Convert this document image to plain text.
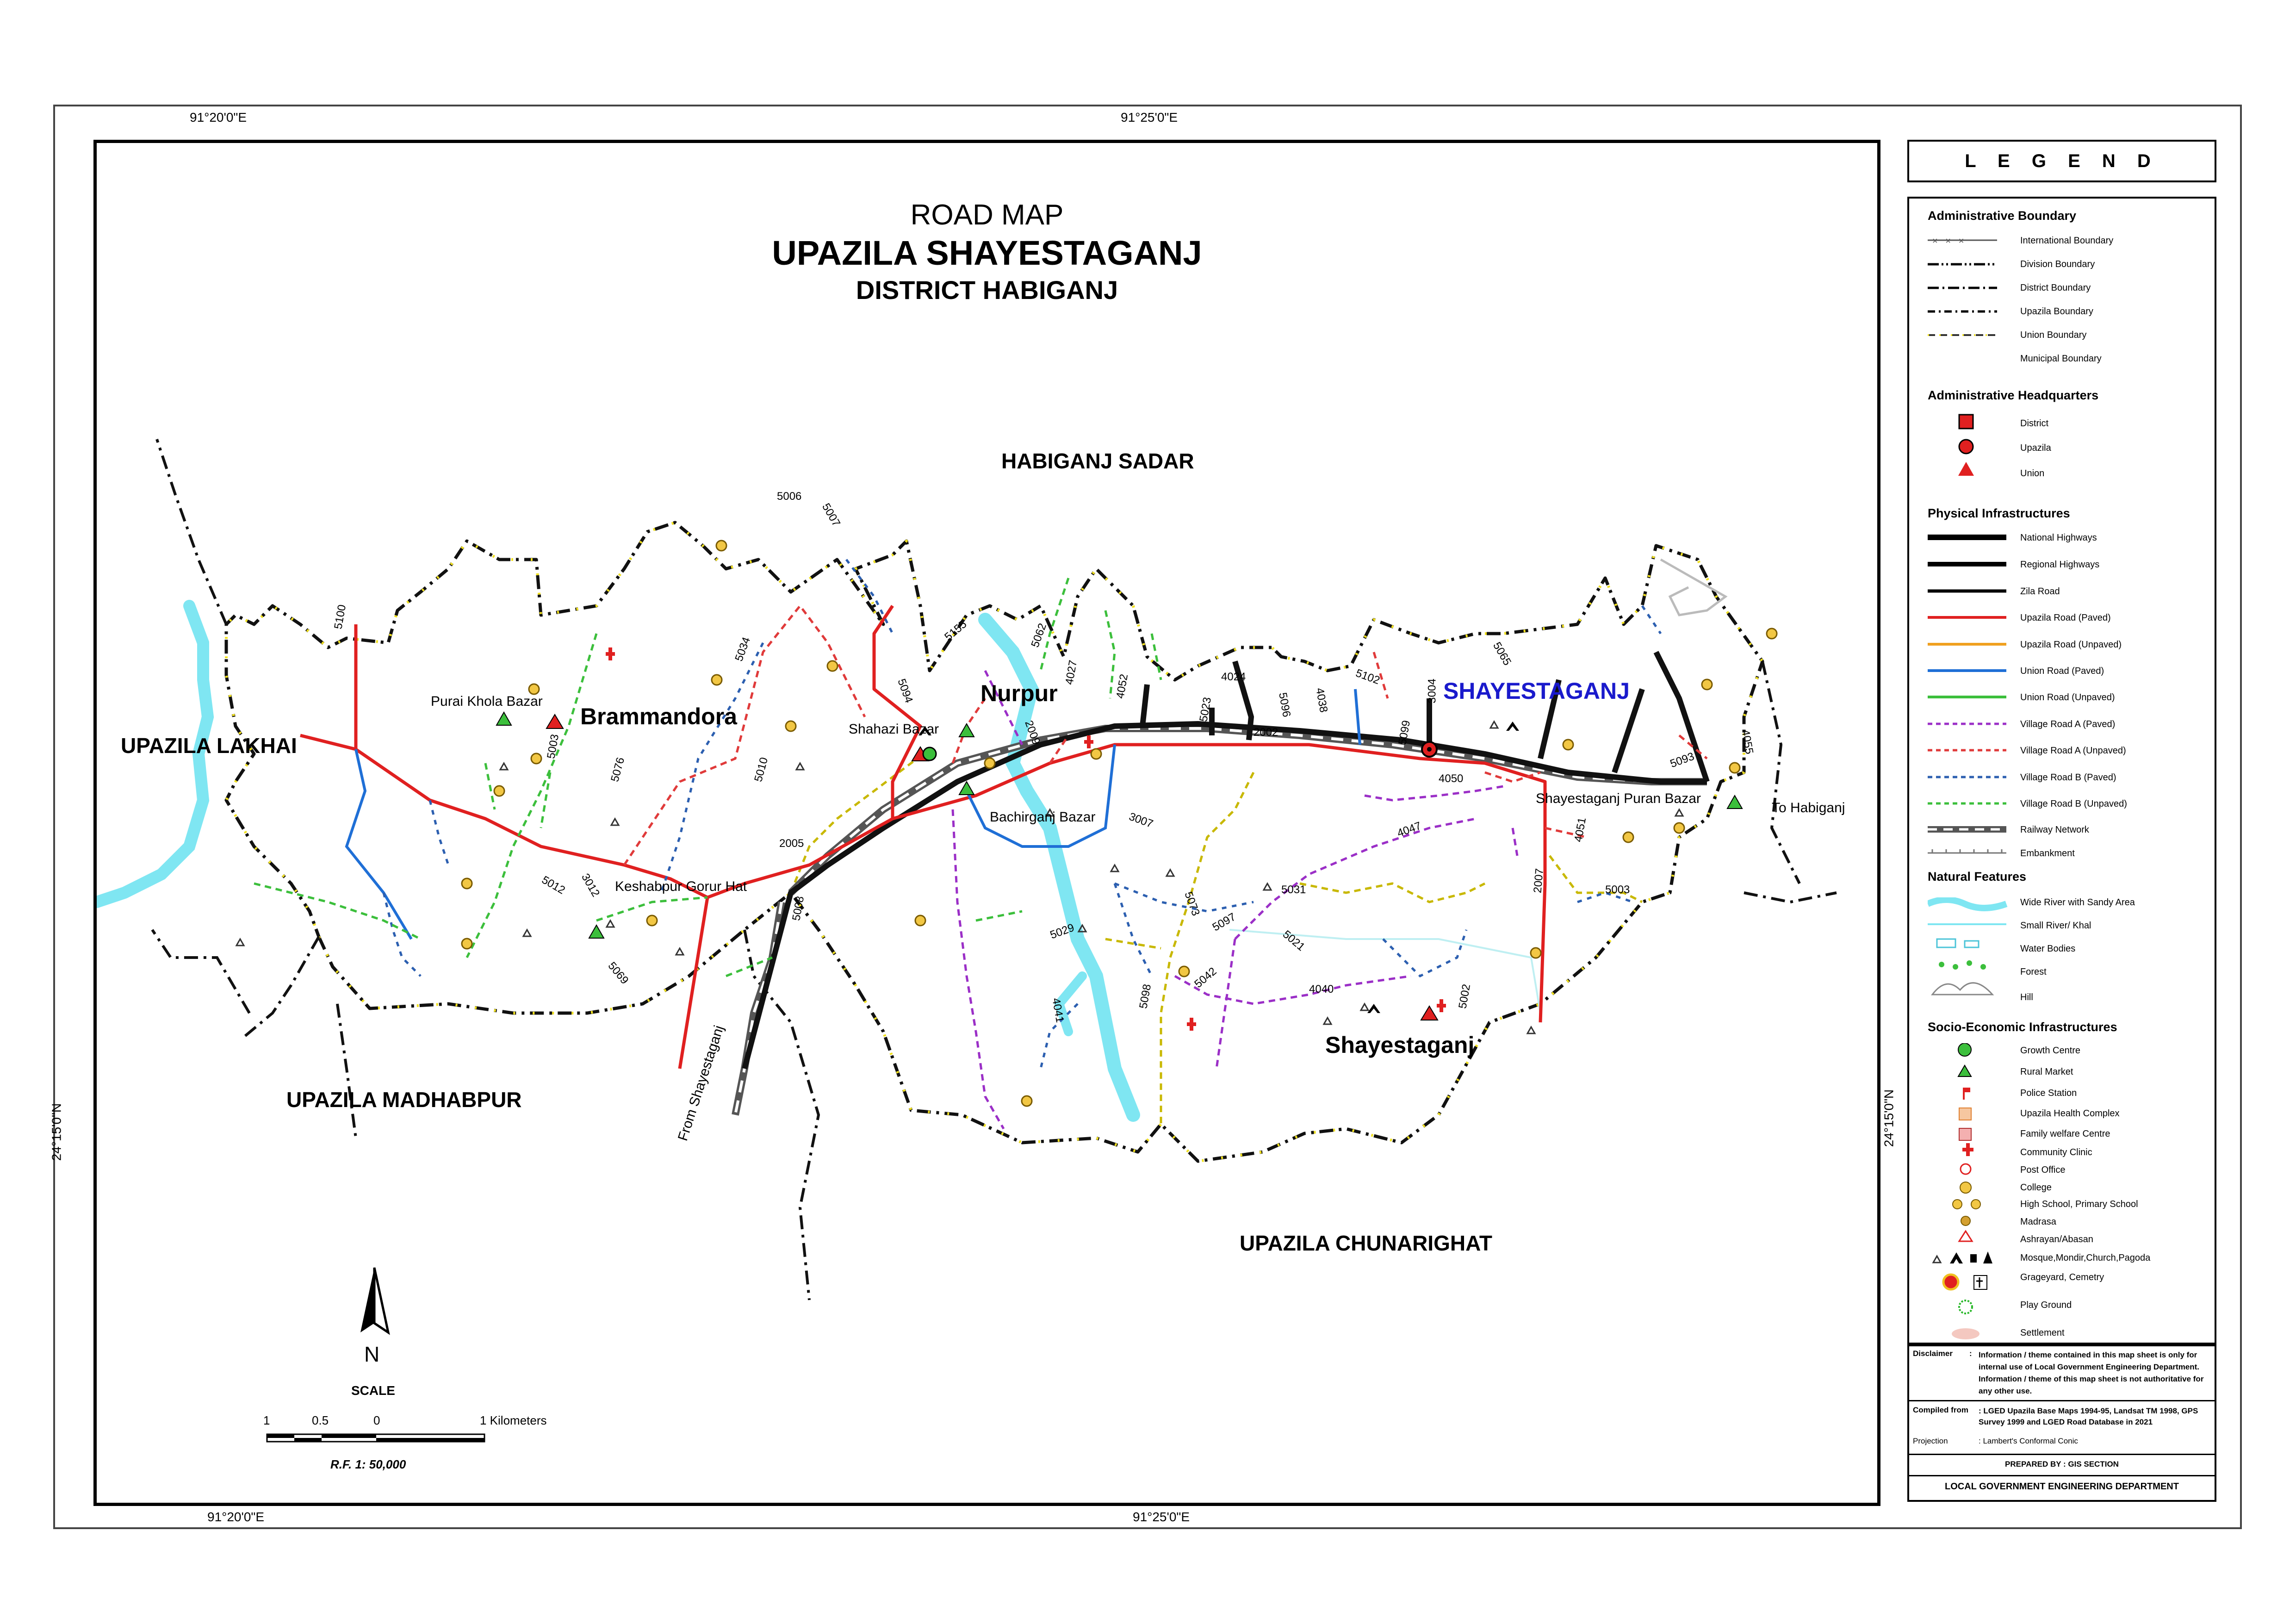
91°20'0"E	91°25'0"E
91°20'0"E	91°25'0"E
24°15'0"N	24°15'0"N
ROAD MAP
UPAZILA SHAYESTAGANJ
DISTRICT HABIGANJ
HABIGANJ SADAR
UPAZILA LAKHAI
UPAZILA MADHABPUR
UPAZILA CHUNARIGHAT
Purai Khola Bazar
Brammandora	Shahazi Bazar
Nurpur
Bachirganj Bazar
Keshabpur Gorur Hat
SHAYESTAGANJ
Shayestaganj Puran Bazar
To Habiganj
From Shayestaganj	Shayestaganj
5100
5003
5006
5007
5034
5076	5010
2005
5012 3012
5008
5069
5155
5094
5062
4027
2009
4052
5023
4024
5096 4038
5102
2002
3004
5099
5065
4055
5093
3007
4050
4047	4051
2007	5003
5031
5073
5097
5021
5029
4041
5098
5042	4040	5002
N
SCALE
1	0.5	0	1 Kilometers
R.F. 1: 50,000
L E G E N D
Administrative Boundary
×   ×   ×	International Boundary
Division Boundary
District Boundary
Upazila Boundary
Union Boundary
Municipal Boundary
Administrative Headquarters
District
Upazila
Union
Physical Infrastructures
National Highways
Regional Highways
Zila Road
Upazila Road (Paved)
Upazila Road (Unpaved)
Union Road (Paved)
Union Road (Unpaved)
Village Road A (Paved)
Village Road A (Unpaved)
Village Road B (Paved)
Village Road B (Unpaved)
Railway Network
Embankment
Natural Features
Wide River with Sandy Area
Small River/ Khal
Water Bodies
Forest
Hill
Socio-Economic Infrastructures
Growth Centre
Rural Market
Police Station
Upazila Health Complex
Family welfare Centre
Community Clinic
Post Office
College
High School, Primary School
Madrasa
Ashrayan/Abasan
Mosque,Mondir,Church,Pagoda
Grageyard, Cemetry
Play Ground
Settlement
Disclaimer : Information / theme contained in this map sheet is only for internal use of Local Government Engineering Department. Information / theme of this map sheet is not authoritative for any other use.
Compiled from : LGED Upazila Base Maps 1994-95, Landsat TM 1998, GPS Survey 1999 and LGED Road Database in 2021
Projection	: Lambert's Conformal Conic
PREPARED BY : GIS SECTION
LOCAL GOVERNMENT ENGINEERING DEPARTMENT
